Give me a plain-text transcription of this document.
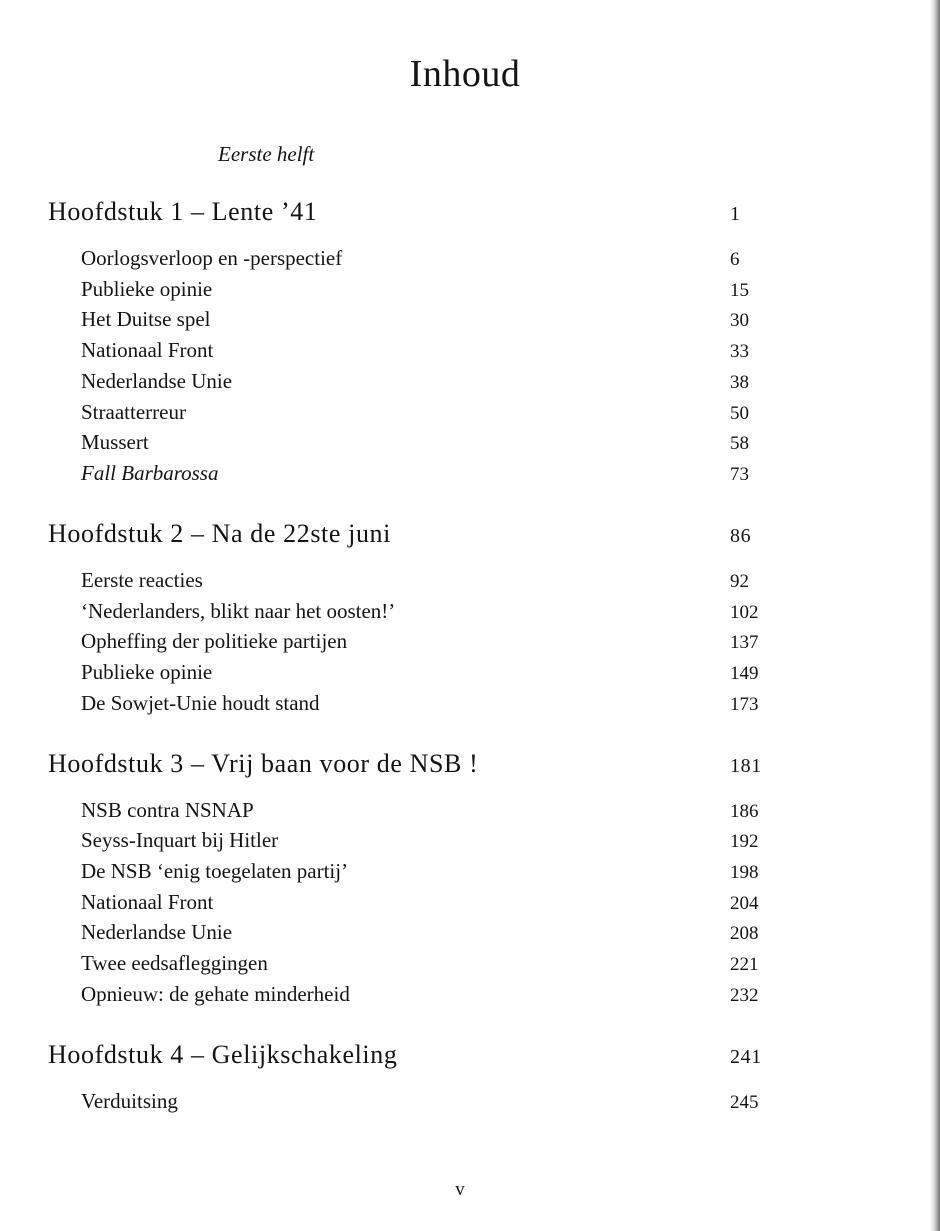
Inhoud
Eerste helft
Hoofdstuk 1 – Lente ’41	1
Oorlogsverloop en -perspectief	6
Publieke opinie	15
Het Duitse spel	30
Nationaal Front	33
Nederlandse Unie	38
Straatterreur	50
Mussert	58
Fall Barbarossa	73
Hoofdstuk 2 – Na de 22ste juni	86
Eerste reacties	92
‘Nederlanders, blikt naar het oosten!’	102
Opheffing der politieke partijen	137
Publieke opinie	149
De Sowjet-Unie houdt stand	173
Hoofdstuk 3 – Vrij baan voor de NSB !	181
NSB contra NSNAP	186
Seyss-Inquart bij Hitler	192
De NSB ‘enig toegelaten partij’	198
Nationaal Front	204
Nederlandse Unie	208
Twee eedsafleggingen	221
Opnieuw: de gehate minderheid	232
Hoofdstuk 4 – Gelijkschakeling	241
Verduitsing	245
v
